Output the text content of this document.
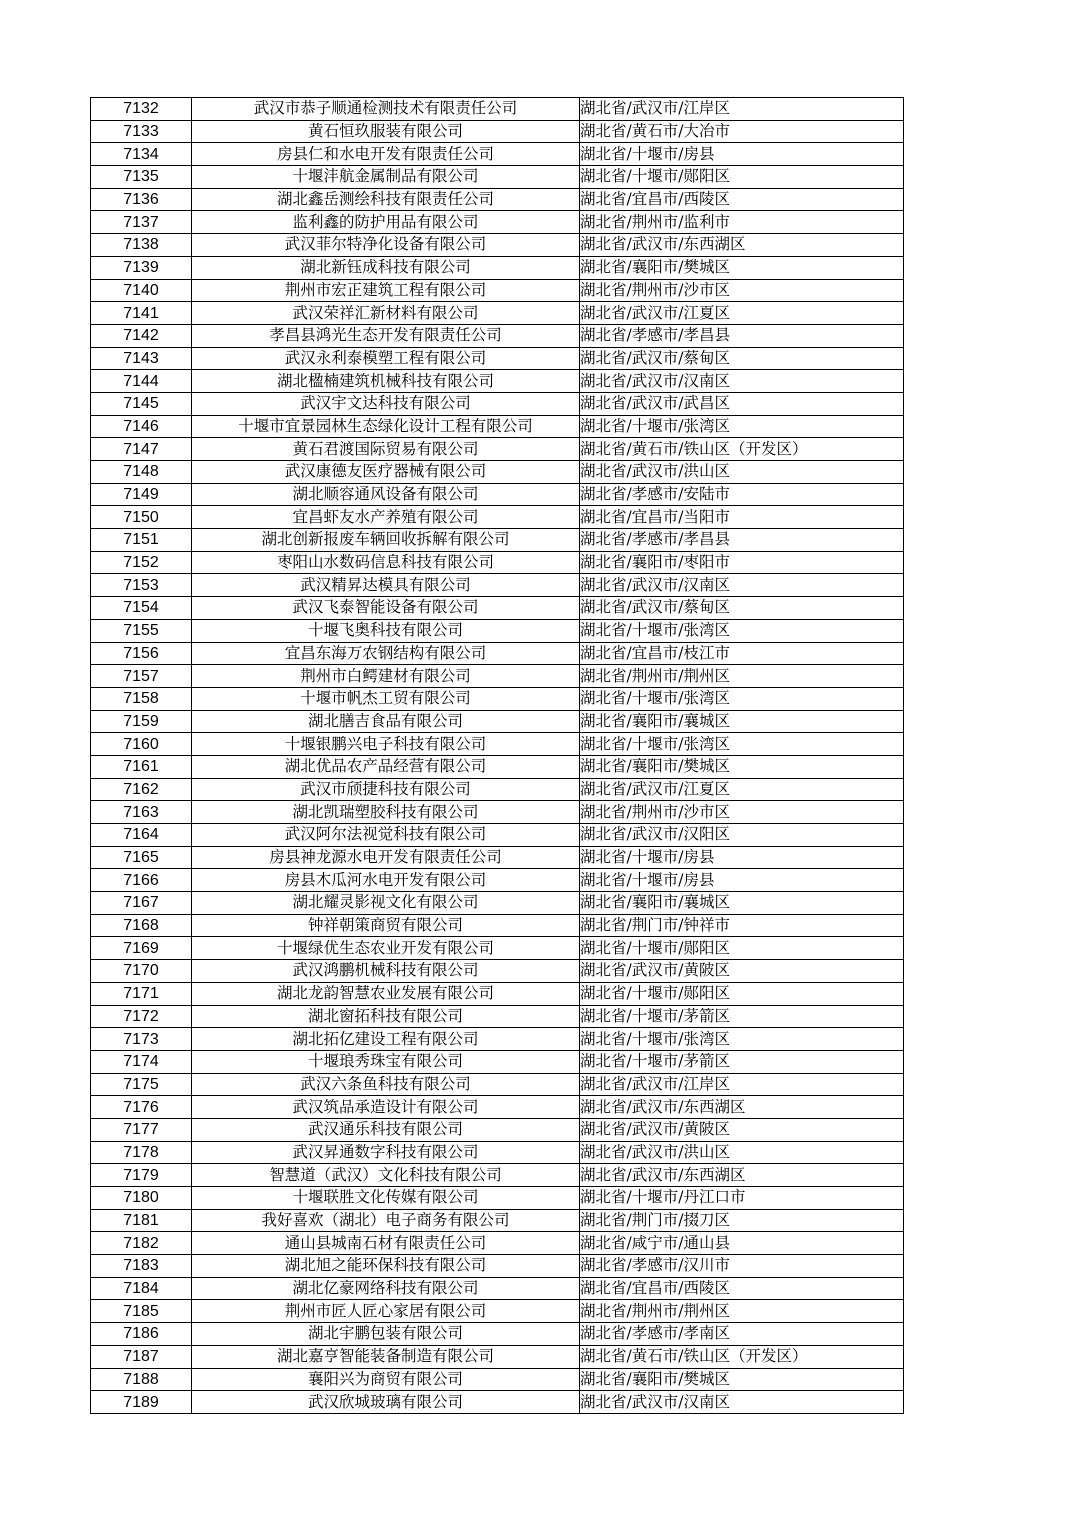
7132	武汉市恭子顺通检测技术有限责任公司	湖北省/武汉市/江岸区
7133	黄石恒玖服装有限公司	湖北省/黄石市/大冶市
7134	房县仁和水电开发有限责任公司	湖北省/十堰市/房县
7135	十堰沣航金属制品有限公司	湖北省/十堰市/郧阳区
7136	湖北鑫岳测绘科技有限责任公司	湖北省/宜昌市/西陵区
7137	监利鑫的防护用品有限公司	湖北省/荆州市/监利市
7138	武汉菲尔特净化设备有限公司	湖北省/武汉市/东西湖区
7139	湖北新钰成科技有限公司	湖北省/襄阳市/樊城区
7140	荆州市宏正建筑工程有限公司	湖北省/荆州市/沙市区
7141	武汉荣祥汇新材料有限公司	湖北省/武汉市/江夏区
7142	孝昌县鸿光生态开发有限责任公司	湖北省/孝感市/孝昌县
7143	武汉永利泰模塑工程有限公司	湖北省/武汉市/蔡甸区
7144	湖北楹楠建筑机械科技有限公司	湖北省/武汉市/汉南区
7145	武汉宇文达科技有限公司	湖北省/武汉市/武昌区
7146	十堰市宜景园林生态绿化设计工程有限公司	湖北省/十堰市/张湾区
7147	黄石君渡国际贸易有限公司	湖北省/黄石市/铁山区（开发区）
7148	武汉康德友医疗器械有限公司	湖北省/武汉市/洪山区
7149	湖北顺容通风设备有限公司	湖北省/孝感市/安陆市
7150	宜昌虾友水产养殖有限公司	湖北省/宜昌市/当阳市
7151	湖北创新报废车辆回收拆解有限公司	湖北省/孝感市/孝昌县
7152	枣阳山水数码信息科技有限公司	湖北省/襄阳市/枣阳市
7153	武汉精昇达模具有限公司	湖北省/武汉市/汉南区
7154	武汉飞泰智能设备有限公司	湖北省/武汉市/蔡甸区
7155	十堰飞奥科技有限公司	湖北省/十堰市/张湾区
7156	宜昌东海万农钢结构有限公司	湖北省/宜昌市/枝江市
7157	荆州市白鳄建材有限公司	湖北省/荆州市/荆州区
7158	十堰市帆杰工贸有限公司	湖北省/十堰市/张湾区
7159	湖北膳吉食品有限公司	湖北省/襄阳市/襄城区
7160	十堰银鹏兴电子科技有限公司	湖北省/十堰市/张湾区
7161	湖北优品农产品经营有限公司	湖北省/襄阳市/樊城区
7162	武汉市颀捷科技有限公司	湖北省/武汉市/江夏区
7163	湖北凯瑞塑胶科技有限公司	湖北省/荆州市/沙市区
7164	武汉阿尔法视觉科技有限公司	湖北省/武汉市/汉阳区
7165	房县神龙源水电开发有限责任公司	湖北省/十堰市/房县
7166	房县木瓜河水电开发有限公司	湖北省/十堰市/房县
7167	湖北耀灵影视文化有限公司	湖北省/襄阳市/襄城区
7168	钟祥朝策商贸有限公司	湖北省/荆门市/钟祥市
7169	十堰绿优生态农业开发有限公司	湖北省/十堰市/郧阳区
7170	武汉鸿鹏机械科技有限公司	湖北省/武汉市/黄陂区
7171	湖北龙韵智慧农业发展有限公司	湖北省/十堰市/郧阳区
7172	湖北窗拓科技有限公司	湖北省/十堰市/茅箭区
7173	湖北拓亿建设工程有限公司	湖北省/十堰市/张湾区
7174	十堰琅秀珠宝有限公司	湖北省/十堰市/茅箭区
7175	武汉六条鱼科技有限公司	湖北省/武汉市/江岸区
7176	武汉筑品承造设计有限公司	湖北省/武汉市/东西湖区
7177	武汉通乐科技有限公司	湖北省/武汉市/黄陂区
7178	武汉昇通数字科技有限公司	湖北省/武汉市/洪山区
7179	智慧道（武汉）文化科技有限公司	湖北省/武汉市/东西湖区
7180	十堰联胜文化传媒有限公司	湖北省/十堰市/丹江口市
7181	我好喜欢（湖北）电子商务有限公司	湖北省/荆门市/掇刀区
7182	通山县城南石材有限责任公司	湖北省/咸宁市/通山县
7183	湖北旭之能环保科技有限公司	湖北省/孝感市/汉川市
7184	湖北亿豪网络科技有限公司	湖北省/宜昌市/西陵区
7185	荆州市匠人匠心家居有限公司	湖北省/荆州市/荆州区
7186	湖北宇鹏包装有限公司	湖北省/孝感市/孝南区
7187	湖北嘉亨智能装备制造有限公司	湖北省/黄石市/铁山区（开发区）
7188	襄阳兴为商贸有限公司	湖北省/襄阳市/樊城区
7189	武汉欣城玻璃有限公司	湖北省/武汉市/汉南区
